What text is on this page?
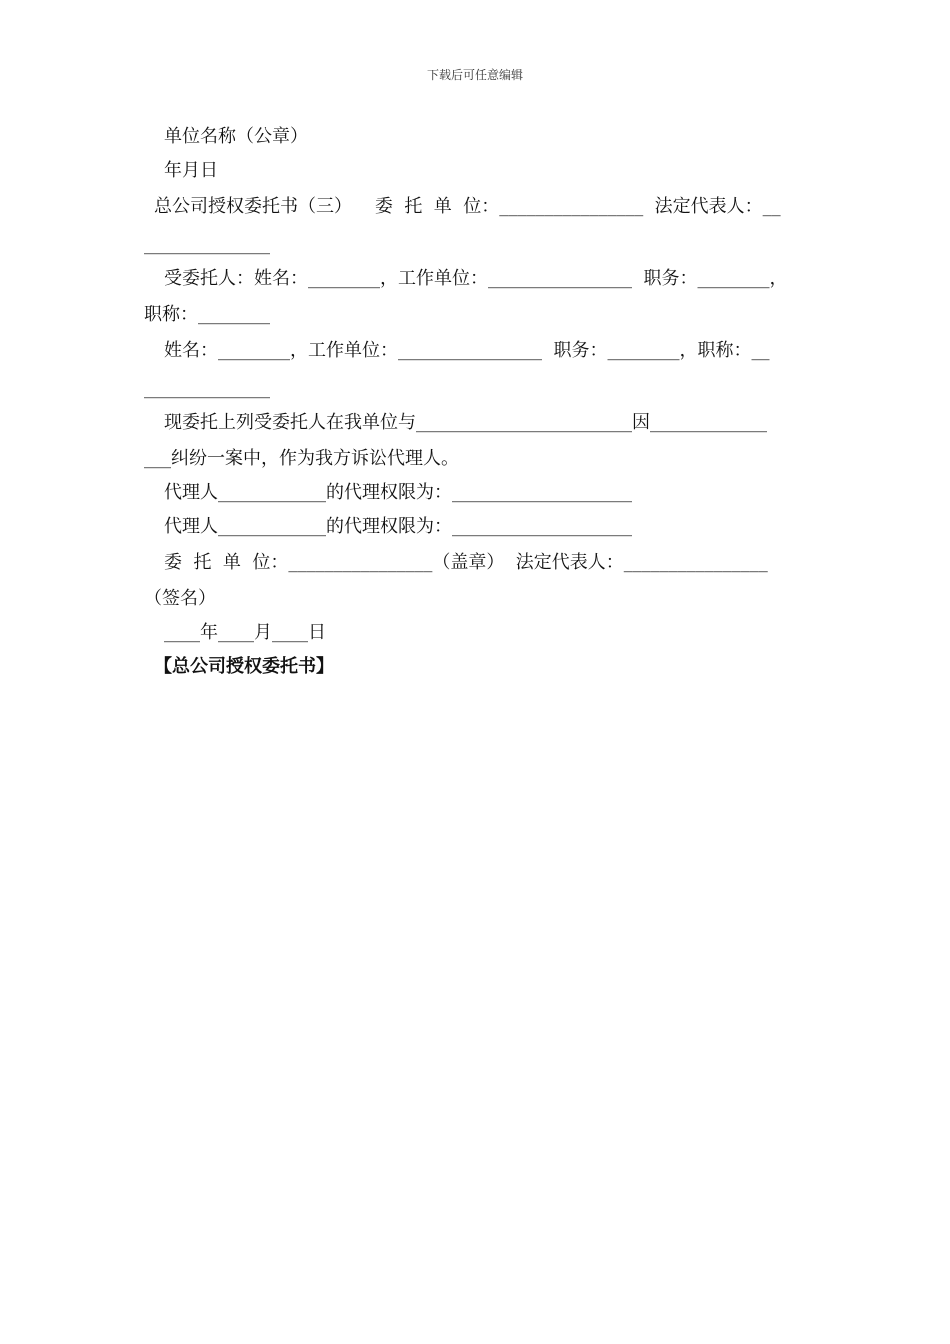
下载后可任意编辑
单位名称（公章）
年月日
总公司授权委托书（三）    委  托  单  位：________________  法定代表人：__
______________
受委托人：姓名：________，工作单位：________________  职务：________，
职称：________
姓名：________，工作单位：________________  职务：________，职称：__
______________
现委托上列受委托人在我单位与________________________因_____________
___纠纷一案中，作为我方诉讼代理人。
代理人____________的代理权限为：____________________
代理人____________的代理权限为：____________________
委  托  单  位：________________（盖章）  法定代表人：________________
（签名）
____年____月____日
【总公司授权委托书】
